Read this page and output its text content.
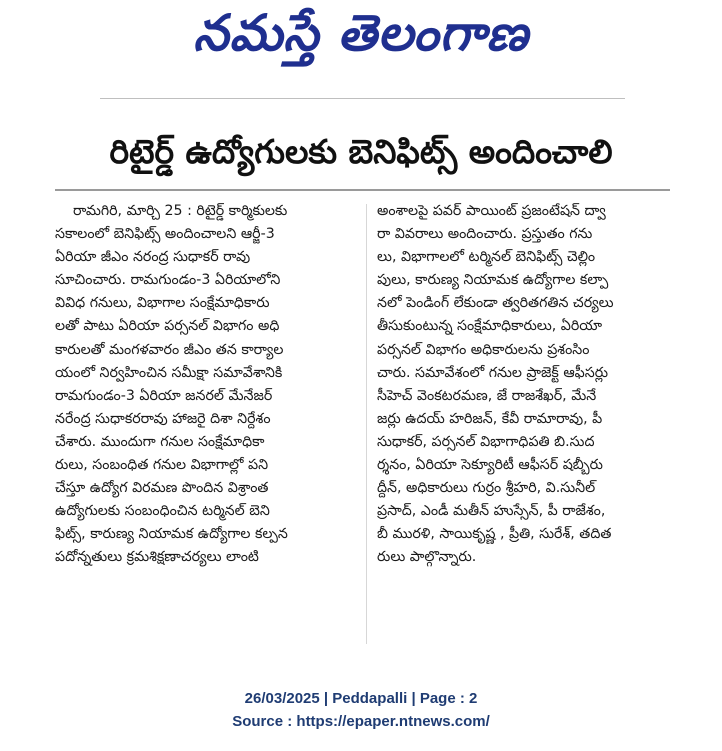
నమస్తే తెలంగాణ
రిటైర్డ్ ఉద్యోగులకు బెనిఫిట్స్ అందించాలి
రామగిరి, మార్చి 25 : రిటైర్డ్ కార్మికులకు
సకాలంలో బెనిఫిట్స్ అందించాలని ఆర్జీ-3
ఏరియా జీఎం నరంద్ర సుధాకర్ రావు
సూచించారు. రామగుండం-3 ఏరియాలోని
వివిధ గనులు, విభాగాల సంక్షేమాధికారు
లతో పాటు ఏరియా పర్సనల్ విభాగం అధి
కారులతో మంగళవారం జీఎం తన కార్యాల
యంలో నిర్వహించిన సమీక్షా సమావేశానికి
రామగుండం-3 ఏరియా జనరల్ మేనేజర్
నరేంద్ర సుధాకరరావు హాజరై దిశా నిర్దేశం
చేశారు. ముందుగా గనుల సంక్షేమాధికా
రులు, సంబంధిత గనుల విభాగాల్లో పని
చేస్తూ ఉద్యోగ విరమణ పొందిన విశ్రాంత
ఉద్యోగులకు సంబంధించిన టర్మినల్ బెని
ఫిట్స్, కారుణ్య నియామక ఉద్యోగాల కల్పన
పదోన్నతులు క్రమశిక్షణాచర్యలు లాంటి
అంశాలపై పవర్ పాయింట్ ప్రజంటేషన్ ద్వా
రా వివరాలు అందించారు. ప్రస్తుతం గను
లు, విభాగాలలో టర్మినల్ బెనిఫిట్స్ చెల్లిం
పులు, కారుణ్య నియామక ఉద్యోగాల కల్పా
నలో పెండింగ్ లేకుండా త్వరితగతిన చర్యలు
తీసుకుంటున్న సంక్షేమాధికారులు, ఏరియా
పర్సనల్ విభాగం అధికారులను ప్రశంసిం
చారు. సమావేశంలో గనుల ప్రాజెక్ట్ ఆఫీసర్లు
సీహెచ్ వెంకటరమణ, జే రాజశేఖర్, మేనే
జర్లు ఉదయ్ హరిజన్, కేవీ రామారావు, పీ
సుధాకర్, పర్సనల్ విభాగాధిపతి బి.సుద
ర్శనం, ఏరియా సెక్యూరిటీ ఆఫీసర్ షబ్బీరు
ద్దీన్, అధికారులు గుర్రం శ్రీహరి, వి.సునీల్
ప్రసాద్, ఎండీ మతీన్ హుస్సేన్, పీ రాజేశం,
బీ మురళి, సాయికృష్ణ , ప్రీతి, సురేశ్, తదిత
రులు పాల్గొన్నారు.
26/03/2025 | Peddapalli | Page : 2
Source : https://epaper.ntnews.com/
